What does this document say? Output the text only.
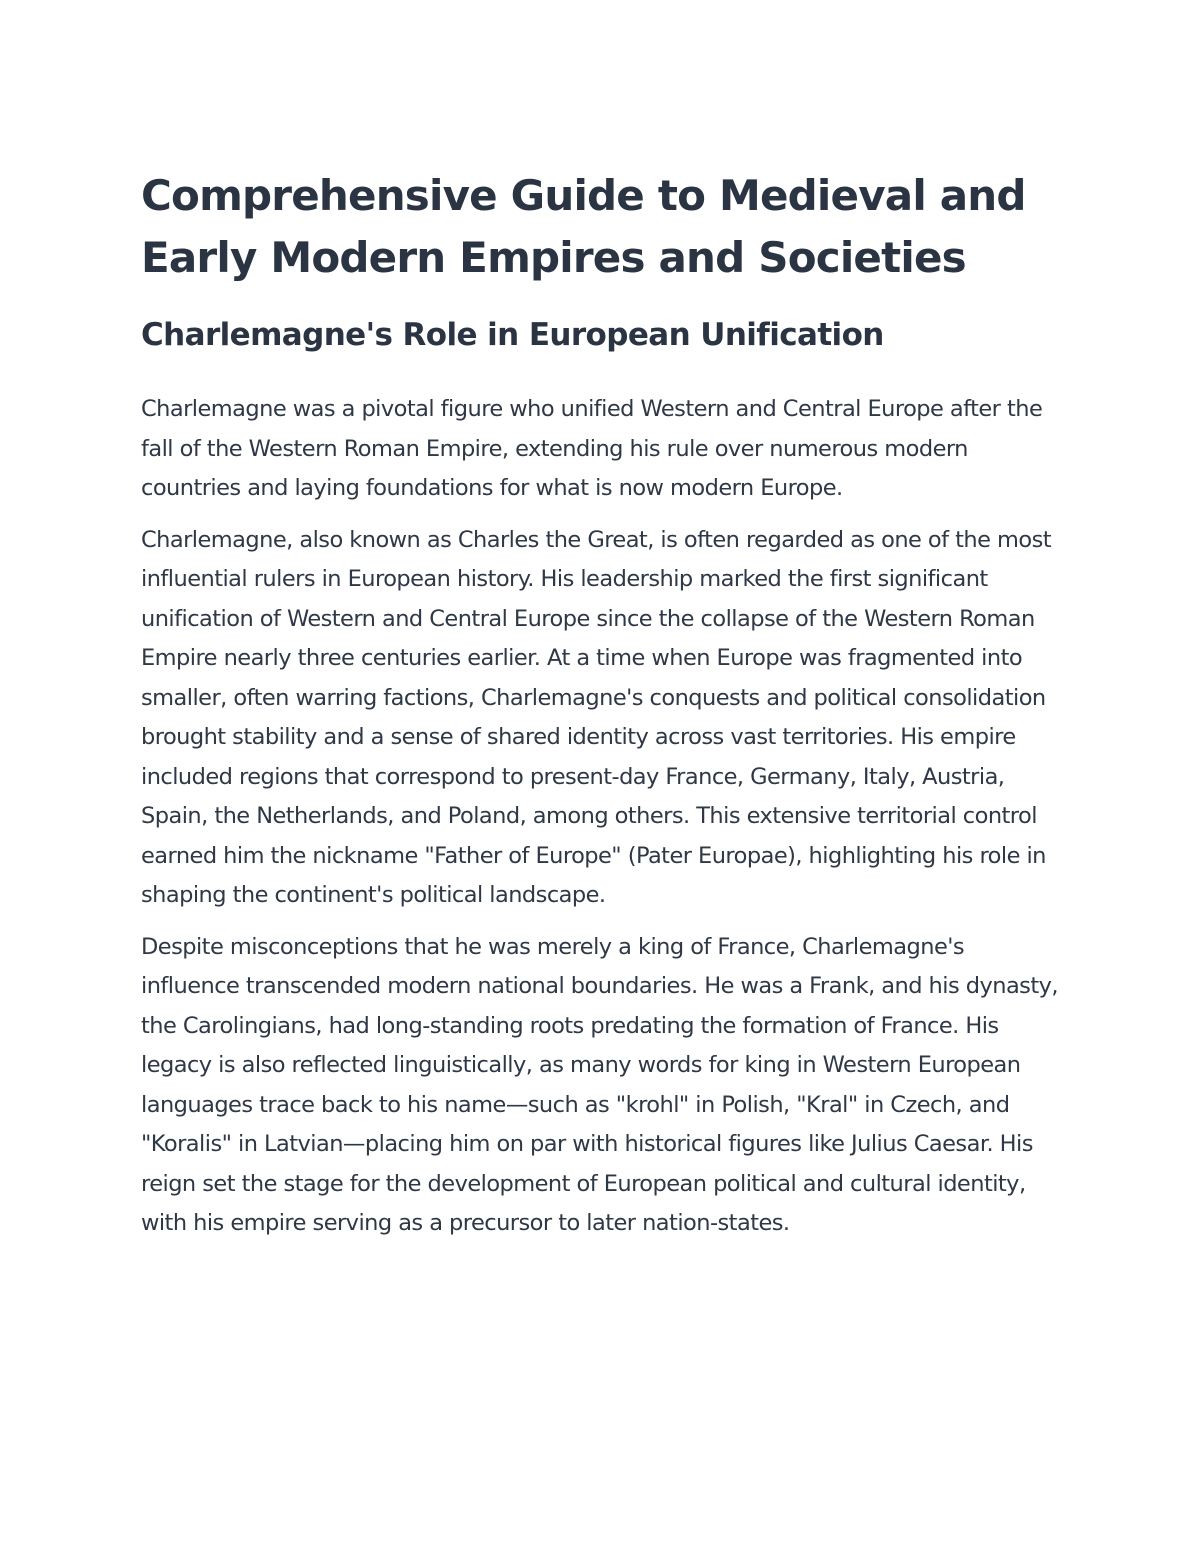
Comprehensive Guide to Medieval and Early Modern Empires and Societies
Charlemagne's Role in European Unification

Charlemagne was a pivotal figure who unified Western and Central Europe after the fall of the Western Roman Empire, extending his rule over numerous modern countries and laying foundations for what is now modern Europe.

Charlemagne, also known as Charles the Great, is often regarded as one of the most influential rulers in European history. His leadership marked the first significant unification of Western and Central Europe since the collapse of the Western Roman Empire nearly three centuries earlier. At a time when Europe was fragmented into smaller, often warring factions, Charlemagne's conquests and political consolidation brought stability and a sense of shared identity across vast territories. His empire included regions that correspond to present-day France, Germany, Italy, Austria, Spain, the Netherlands, and Poland, among others. This extensive territorial control earned him the nickname "Father of Europe" (Pater Europae), highlighting his role in shaping the continent's political landscape.

Despite misconceptions that he was merely a king of France, Charlemagne's influence transcended modern national boundaries. He was a Frank, and his dynasty, the Carolingians, had long-standing roots predating the formation of France. His legacy is also reflected linguistically, as many words for king in Western European languages trace back to his name—such as "krohl" in Polish, "Kral" in Czech, and "Koralis" in Latvian—placing him on par with historical figures like Julius Caesar. His reign set the stage for the development of European political and cultural identity, with his empire serving as a precursor to later nation-states.
